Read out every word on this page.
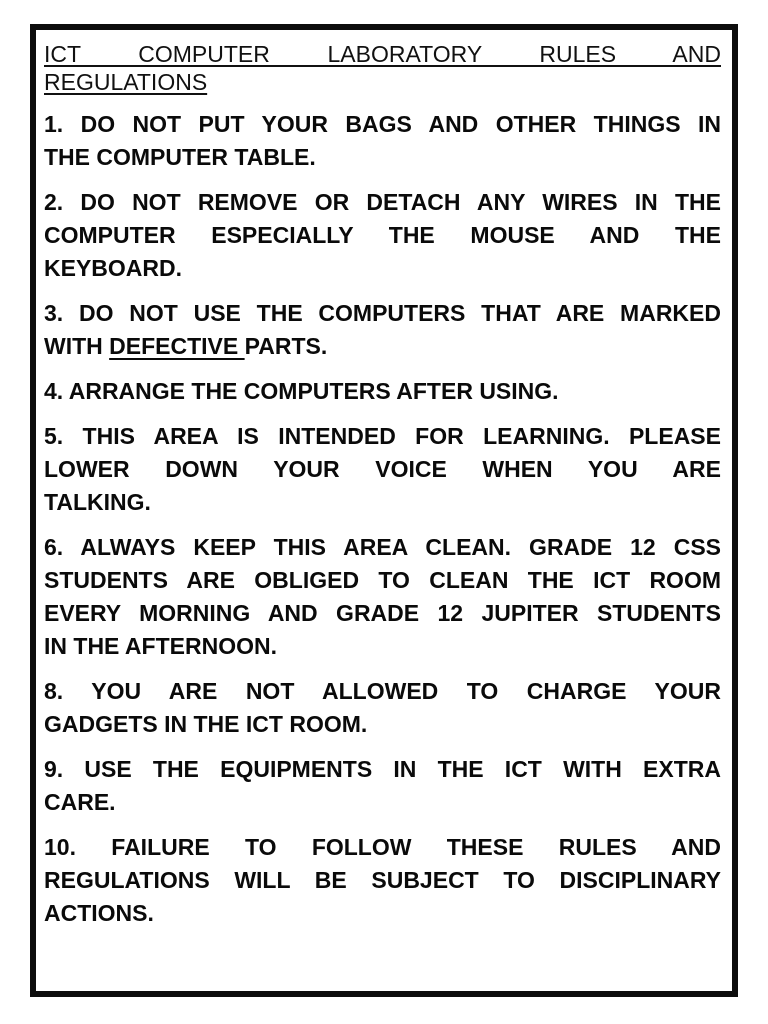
ICT COMPUTER LABORATORY RULES AND
REGULATIONS
1. DO NOT PUT YOUR BAGS AND OTHER THINGS IN
THE COMPUTER TABLE.
2. DO NOT REMOVE OR DETACH ANY WIRES IN THE
COMPUTER ESPECIALLY THE MOUSE AND THE
KEYBOARD.
3. DO NOT USE THE COMPUTERS THAT ARE MARKED
WITH DEFECTIVE PARTS.
4. ARRANGE THE COMPUTERS AFTER USING.
5. THIS AREA IS INTENDED FOR LEARNING. PLEASE
LOWER DOWN YOUR VOICE WHEN YOU ARE
TALKING.
6. ALWAYS KEEP THIS AREA CLEAN. GRADE 12 CSS
STUDENTS ARE OBLIGED TO CLEAN THE ICT ROOM
EVERY MORNING AND GRADE 12 JUPITER STUDENTS
IN THE AFTERNOON.
8. YOU ARE NOT ALLOWED TO CHARGE YOUR
GADGETS IN THE ICT ROOM.
9. USE THE EQUIPMENTS IN THE ICT WITH EXTRA
CARE.
10. FAILURE TO FOLLOW THESE RULES AND
REGULATIONS WILL BE SUBJECT TO DISCIPLINARY
ACTIONS.
